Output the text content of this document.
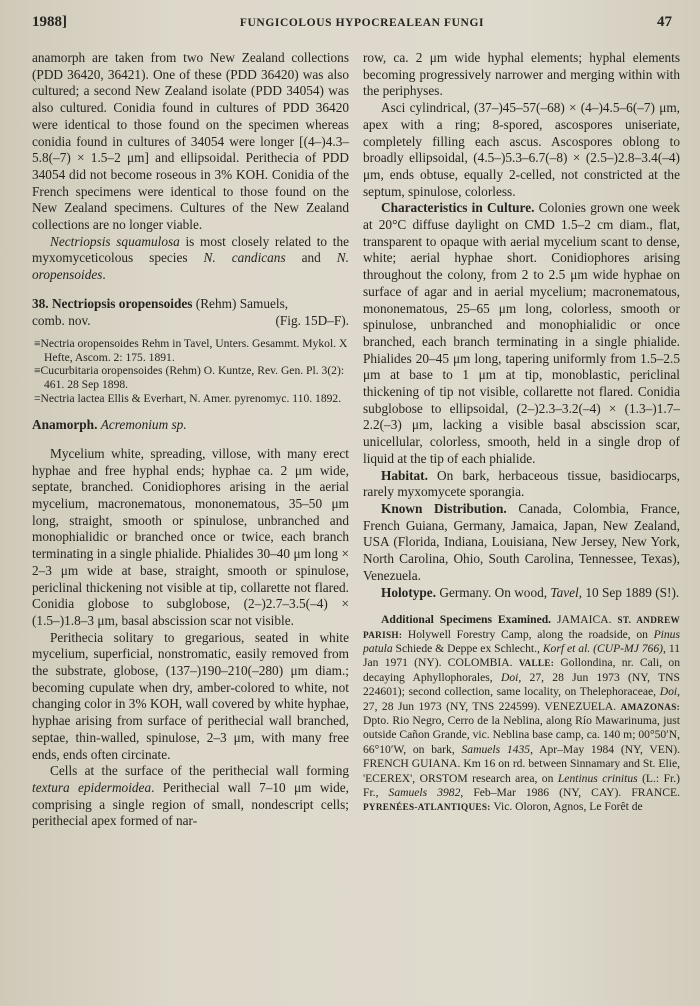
1988]	FUNGICOLOUS HYPOCREALEAN FUNGI	47

anamorph are taken from two New Zealand collections (PDD 36420, 36421). One of these (PDD 36420) was also cultured; a second New Zealand isolate (PDD 34054) was also cultured. Conidia found in cultures of PDD 36420 were identical to those found on the specimen whereas conidia found in cultures of 34054 were longer [(4–)4.3–5.8(–7) × 1.5–2 μm] and ellipsoidal. Perithecia of PDD 34054 did not become roseous in 3% KOH. Conidia of the French specimens were identical to those found on the New Zealand specimens. Cultures of the New Zealand collections are no longer viable.

Nectriopsis squamulosa is most closely related to the myxomyceticolous species N. candicans and N. oropensoides.

38. Nectriopsis oropensoides (Rehm) Samuels,

comb. nov.	(Fig. 15D–F).

≡Nectria oropensoides Rehm in Tavel, Unters. Gesammt. Mykol. X Hefte, Ascom. 2: 175. 1891.

≡Cucurbitaria oropensoides (Rehm) O. Kuntze, Rev. Gen. Pl. 3(2): 461. 28 Sep 1898.

=Nectria lactea Ellis & Everhart, N. Amer. pyrenomyc. 110. 1892.

Anamorph. Acremonium sp.

Mycelium white, spreading, villose, with many erect hyphae and free hyphal ends; hyphae ca. 2 μm wide, septate, branched. Conidiophores arising in the aerial mycelium, macronematous, mononematous, 35–50 μm long, straight, smooth or spinulose, unbranched and monophialidic or branched once or twice, each branch terminating in a single phialide. Phialides 30–40 μm long × 2–3 μm wide at base, straight, smooth or spinulose, periclinal thickening not visible at tip, collarette not flared. Conidia globose to subglobose, (2–)2.7–3.5(–4) × (1.5–)1.8–3 μm, basal abscission scar not visible.

Perithecia solitary to gregarious, seated in white mycelium, superficial, nonstromatic, easily removed from the substrate, globose, (137–)190–210(–280) μm diam.; becoming cupulate when dry, amber-colored to white, not changing color in 3% KOH, wall covered by white hyphae, hyphae arising from surface of perithecial wall branched, septae, thin-walled, spinulose, 2–3 μm, with many free ends, ends often circinate.

Cells at the surface of the perithecial wall forming textura epidermoidea. Perithecial wall 7–10 μm wide, comprising a single region of small, nondescript cells; perithecial apex formed of nar-

row, ca. 2 μm wide hyphal elements; hyphal elements becoming progressively narrower and merging within with the periphyses.

Asci cylindrical, (37–)45–57(–68) × (4–)4.5–6(–7) μm, apex with a ring; 8-spored, ascospores uniseriate, completely filling each ascus. Ascospores oblong to broadly ellipsoidal, (4.5–)5.3–6.7(–8) × (2.5–)2.8–3.4(–4) μm, ends obtuse, equally 2-celled, not constricted at the septum, spinulose, colorless.

Characteristics in Culture. Colonies grown one week at 20°C diffuse daylight on CMD 1.5–2 cm diam., flat, transparent to opaque with aerial mycelium scant to dense, white; aerial hyphae short. Conidiophores arising throughout the colony, from 2 to 2.5 μm wide hyphae on surface of agar and in aerial mycelium; macronematous, mononematous, 25–65 μm long, colorless, smooth or spinulose, unbranched and monophialidic or once branched, each branch terminating in a single phialide. Phialides 20–45 μm long, tapering uniformly from 1.5–2.5 μm at base to 1 μm at tip, monoblastic, periclinal thickening of tip not visible, collarette not flared. Conidia subglobose to ellipsoidal, (2–)2.3–3.2(–4) × (1.3–)1.7–2.2(–3) μm, lacking a visible basal abscission scar, unicellular, colorless, smooth, held in a single drop of liquid at the tip of each phialide.

Habitat. On bark, herbaceous tissue, basidiocarps, rarely myxomycete sporangia.

Known Distribution. Canada, Colombia, France, French Guiana, Germany, Jamaica, Japan, New Zealand, USA (Florida, Indiana, Louisiana, New Jersey, New York, North Carolina, Ohio, South Carolina, Tennessee, Texas), Venezuela.

Holotype. Germany. On wood, Tavel, 10 Sep 1889 (S!).

Additional Specimens Examined. JAMAICA. ST. ANDREW PARISH: Holywell Forestry Camp, along the roadside, on Pinus patula Schiede & Deppe ex Schlecht., Korf et al. (CUP-MJ 766), 11 Jan 1971 (NY). COLOMBIA. VALLE: Gollondina, nr. Cali, on decaying Aphyllophorales, Doi, 27, 28 Jun 1973 (NY, TNS 224601); second collection, same locality, on Thelephoraceae, Doi, 27, 28 Jun 1973 (NY, TNS 224599). VENEZUELA. AMAZONAS: Dpto. Rio Negro, Cerro de la Neblina, along Río Mawarinuma, just outside Cañon Grande, vic. Neblina base camp, ca. 140 m; 00°50′N, 66°10′W, on bark, Samuels 1435, Apr–May 1984 (NY, VEN). FRENCH GUIANA. Km 16 on rd. between Sinnamary and St. Elie, 'ECEREX', ORSTOM research area, on Lentinus crinitus (L.: Fr.) Fr., Samuels 3982, Feb–Mar 1986 (NY, CAY). FRANCE. PYRENÉES-ATLANTIQUES: Vic. Oloron, Agnos, Le Forêt de
